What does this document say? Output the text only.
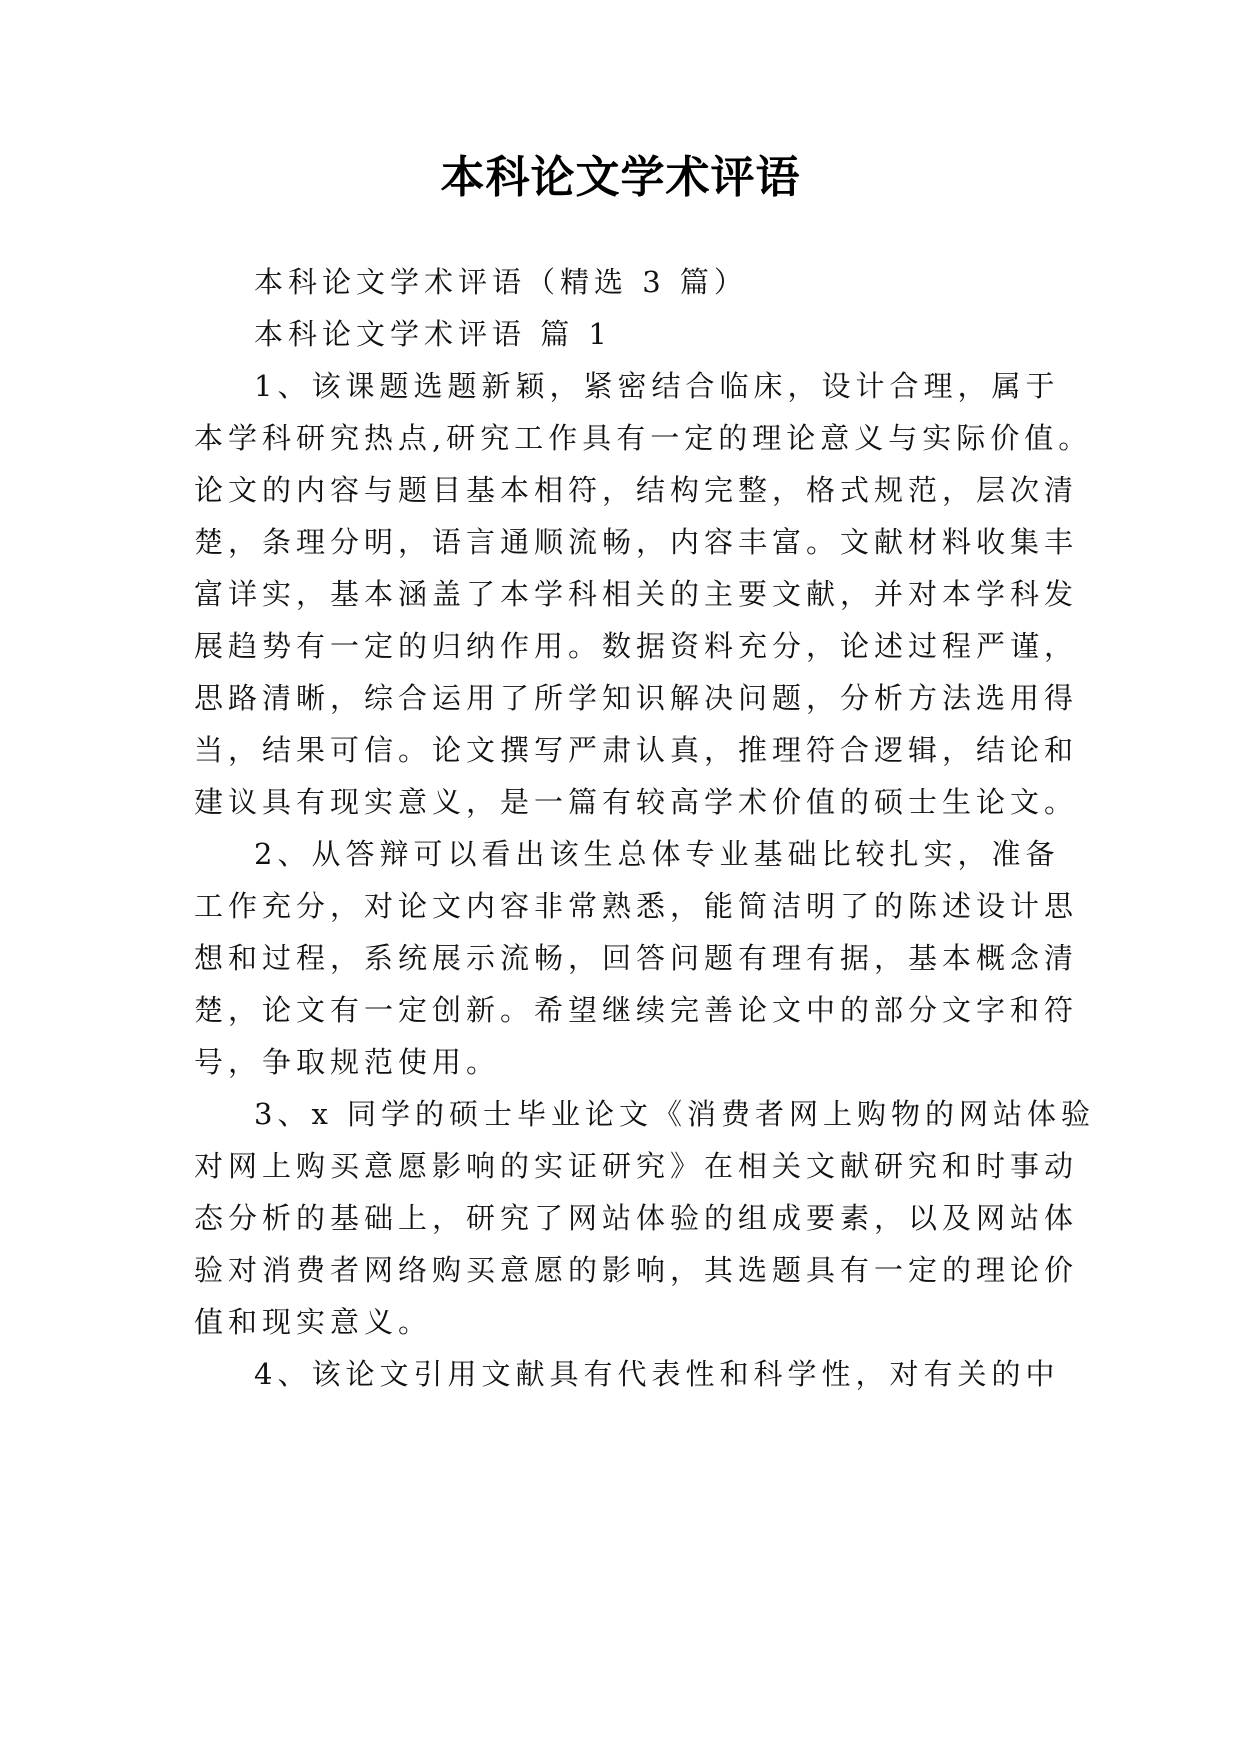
本科论文学术评语
本科论文学术评语（精选 3 篇）
本科论文学术评语 篇 1
1、该课题选题新颖，紧密结合临床，设计合理，属于
本学科研究热点,研究工作具有一定的理论意义与实际价值。
论文的内容与题目基本相符，结构完整，格式规范，层次清
楚，条理分明，语言通顺流畅，内容丰富。文献材料收集丰
富详实，基本涵盖了本学科相关的主要文献，并对本学科发
展趋势有一定的归纳作用。数据资料充分，论述过程严谨，
思路清晰，综合运用了所学知识解决问题，分析方法选用得
当，结果可信。论文撰写严肃认真，推理符合逻辑，结论和
建议具有现实意义，是一篇有较高学术价值的硕士生论文。
2、从答辩可以看出该生总体专业基础比较扎实，准备
工作充分，对论文内容非常熟悉，能简洁明了的陈述设计思
想和过程，系统展示流畅，回答问题有理有据，基本概念清
楚，论文有一定创新。希望继续完善论文中的部分文字和符
号，争取规范使用。
3、x 同学的硕士毕业论文《消费者网上购物的网站体验
对网上购买意愿影响的实证研究》在相关文献研究和时事动
态分析的基础上，研究了网站体验的组成要素，以及网站体
验对消费者网络购买意愿的影响，其选题具有一定的理论价
值和现实意义。
4、该论文引用文献具有代表性和科学性，对有关的中
